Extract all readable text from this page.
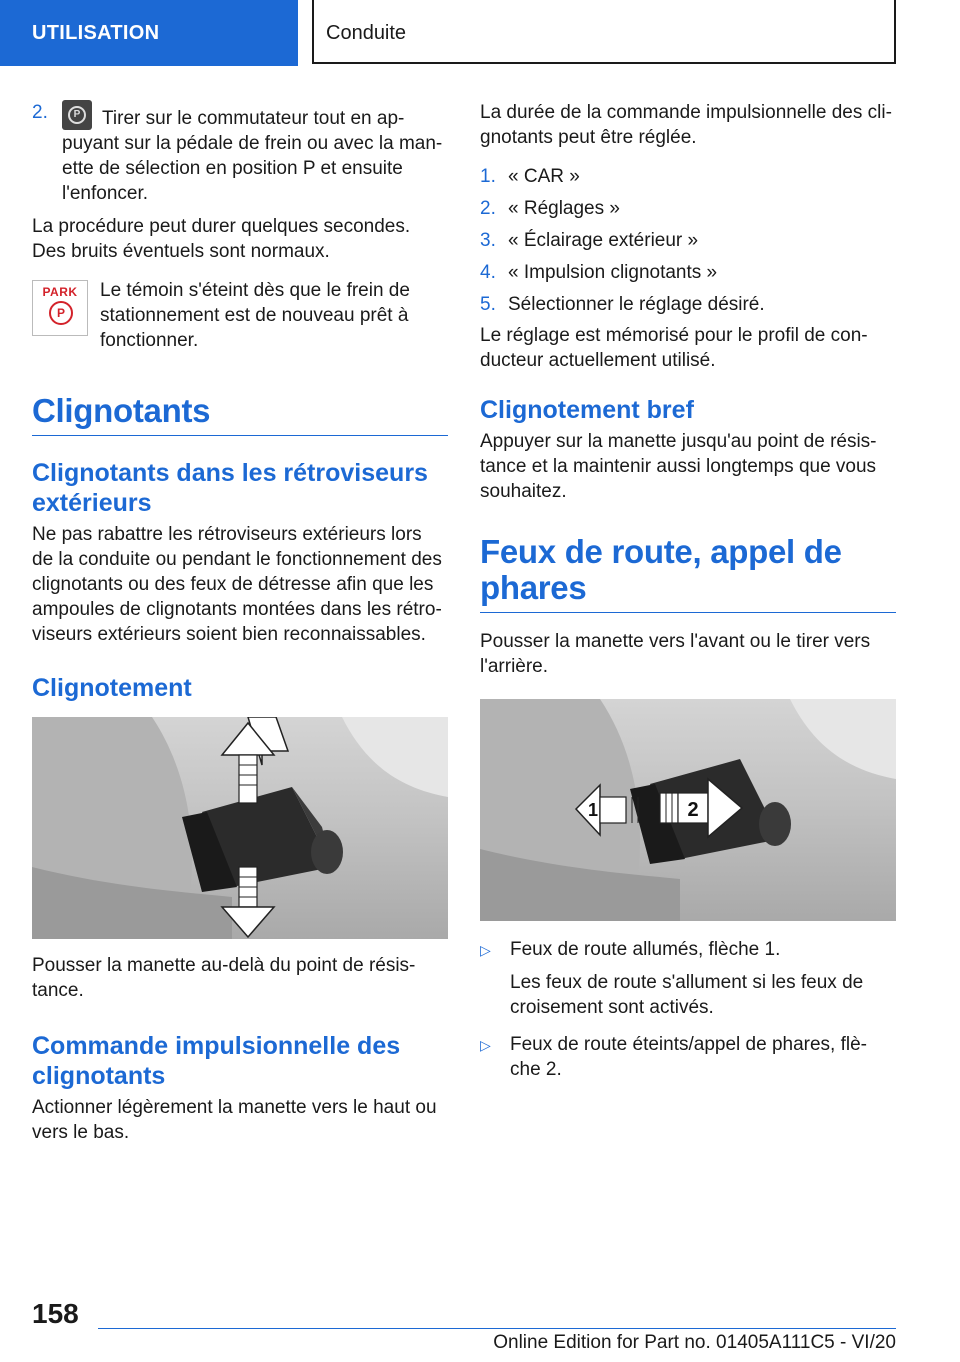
UTILISATION	Conduite

2.	P Tirer sur le commutateur tout en ap-puyant sur la pédale de frein ou avec la man-ette de sélection en position P et ensuite l'enfoncer.

La procédure peut durer quelques secondes. Des bruits éventuels sont normaux.

PARK
P

Le témoin s'éteint dès que le frein de stationnement est de nouveau prêt à fonctionner.

Clignotants
Clignotants dans les rétroviseurs extérieurs

Ne pas rabattre les rétroviseurs extérieurs lors de la conduite ou pendant le fonctionnement des clignotants ou des feux de détresse afin que les ampoules de clignotants montées dans les rétro-viseurs extérieurs soient bien reconnaissables.

Clignotement

Pousser la manette au-delà du point de résis-tance.

Commande impulsionnelle des clignotants

Actionner légèrement la manette vers le haut ou vers le bas.

La durée de la commande impulsionnelle des cli-gnotants peut être réglée.

1. « CAR »

2. « Réglages »

3. « Éclairage extérieur »

4. « Impulsion clignotants »

5. Sélectionner le réglage désiré.

Le réglage est mémorisé pour le profil de con-ducteur actuellement utilisé.

Clignotement bref

Appuyer sur la manette jusqu'au point de résis-tance et la maintenir aussi longtemps que vous souhaitez.

Feux de route, appel de phares

Pousser la manette vers l'avant ou le tirer vers l'arrière.

1	2

▷ Feux de route allumés, flèche 1.

Les feux de route s'allument si les feux de croisement sont activés.

▷ Feux de route éteints/appel de phares, flè-che 2.

158
Online Edition for Part no. 01405A111C5 - VI/20
